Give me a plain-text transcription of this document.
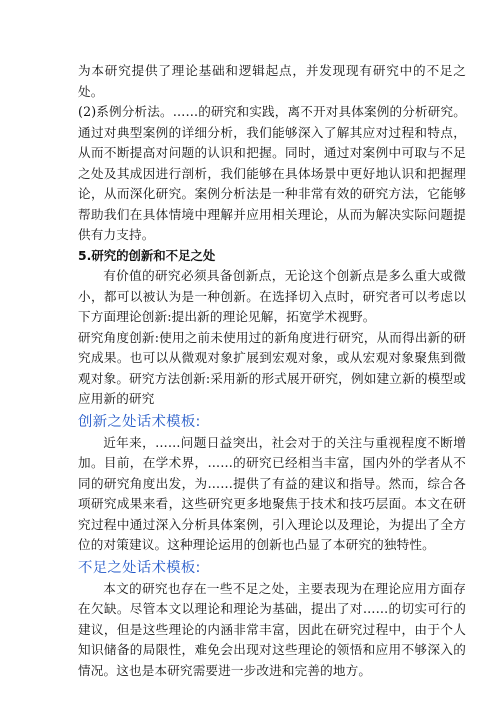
为本研究提供了理论基础和逻辑起点，并发现现有研究中的不足之处。

(2)系例分析法。……的研究和实践，离不开对具体案例的分析研究。通过对典型案例的详细分析，我们能够深入了解其应对过程和特点，从而不断提高对问题的认识和把握。同时，通过对案例中可取与不足之处及其成因进行剖析，我们能够在具体场景中更好地认识和把握理论，从而深化研究。案例分析法是一种非常有效的研究方法，它能够帮助我们在具体情境中理解并应用相关理论，从而为解决实际问题提供有力支持。

5.研究的创新和不足之处

有价值的研究必须具备创新点，无论这个创新点是多么重大或微小，都可以被认为是一种创新。在选择切入点时，研究者可以考虑以下方面理论创新:提出新的理论见解，拓宽学术视野。

研究角度创新:使用之前未使用过的新角度进行研究，从而得出新的研究成果。也可以从微观对象扩展到宏观对象，或从宏观对象聚焦到微观对象。研究方法创新:采用新的形式展开研究，例如建立新的模型或应用新的研究

创新之处话术模板:

近年来，……问题日益突出，社会对于的关注与重视程度不断增加。目前，在学术界，……的研究已经相当丰富，国内外的学者从不同的研究角度出发，为……提供了有益的建议和指导。然而，综合各项研究成果来看，这些研究更多地聚焦于技术和技巧层面。本文在研究过程中通过深入分析具体案例，引入理论以及理论，为提出了全方位的对策建议。这种理论运用的创新也凸显了本研究的独特性。

不足之处话术模板:

本文的研究也存在一些不足之处，主要表现为在理论应用方面存在欠缺。尽管本文以理论和理论为基础，提出了对……的切实可行的建议，但是这些理论的内涵非常丰富，因此在研究过程中，由于个人知识储备的局限性，难免会出现对这些理论的领悟和应用不够深入的情况。这也是本研究需要进一步改进和完善的地方。
